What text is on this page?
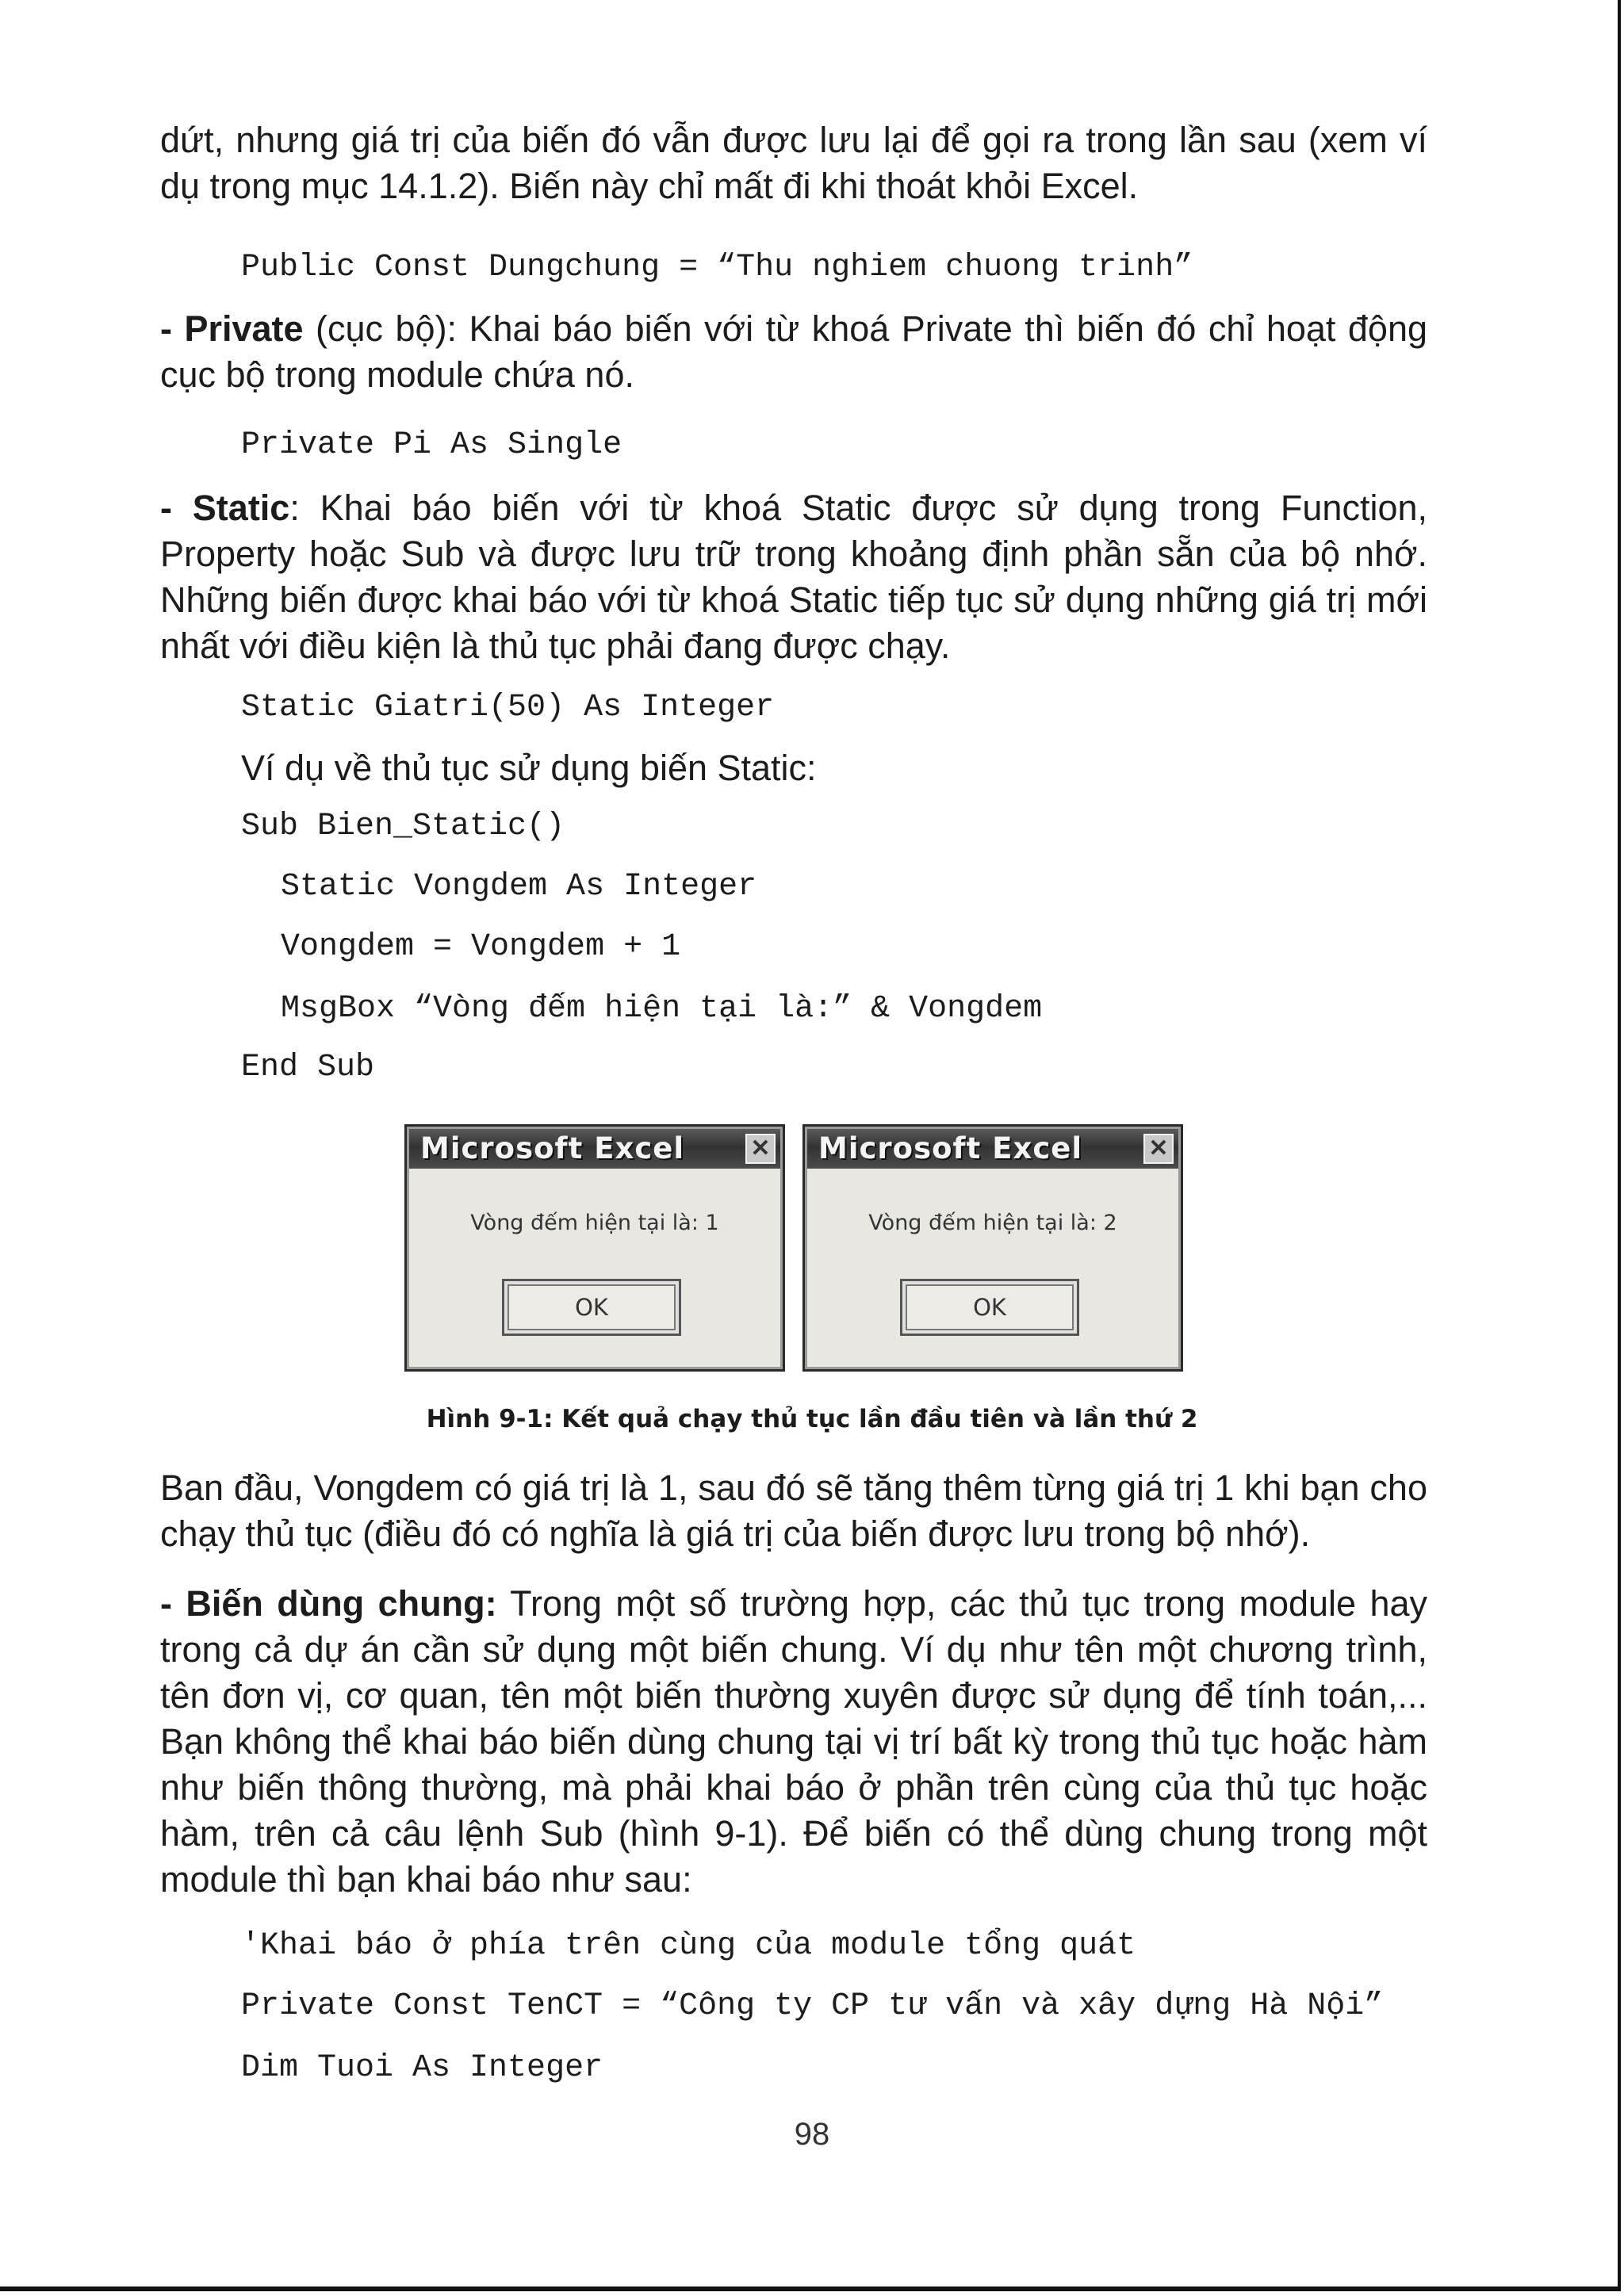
dứt, nhưng giá trị của biến đó vẫn được lưu lại để gọi ra trong lần sau (xem ví dụ trong mục 14.1.2). Biến này chỉ mất đi khi thoát khỏi Excel.

Public Const Dungchung = “Thu nghiem chuong trinh”

- Private (cục bộ): Khai báo biến với từ khoá Private thì biến đó chỉ hoạt động cục bộ trong module chứa nó.

Private Pi As Single

- Static: Khai báo biến với từ khoá Static được sử dụng trong Function, Property hoặc Sub và được lưu trữ trong khoảng định phần sẵn của bộ nhớ. Những biến được khai báo với từ khoá Static tiếp tục sử dụng những giá trị mới nhất với điều kiện là thủ tục phải đang được chạy.

Static Giatri(50) As Integer

Ví dụ về thủ tục sử dụng biến Static:

Sub Bien_Static()

Static Vongdem As Integer

Vongdem = Vongdem + 1

MsgBox “Vòng đếm hiện tại là:” & Vongdem

End Sub

Microsoft Excel	✕
Vòng đếm hiện tại là: 1
OK
Microsoft Excel	✕
Vòng đếm hiện tại là: 2
OK

Hình 9-1: Kết quả chạy thủ tục lần đầu tiên và lần thứ 2

Ban đầu, Vongdem có giá trị là 1, sau đó sẽ tăng thêm từng giá trị 1 khi bạn cho chạy thủ tục (điều đó có nghĩa là giá trị của biến được lưu trong bộ nhớ).

- Biến dùng chung: Trong một số trường hợp, các thủ tục trong module hay trong cả dự án cần sử dụng một biến chung. Ví dụ như tên một chương trình, tên đơn vị, cơ quan, tên một biến thường xuyên được sử dụng để tính toán,... Bạn không thể khai báo biến dùng chung tại vị trí bất kỳ trong thủ tục hoặc hàm như biến thông thường, mà phải khai báo ở phần trên cùng của thủ tục hoặc hàm, trên cả câu lệnh Sub (hình 9-1). Để biến có thể dùng chung trong một module thì bạn khai báo như sau:

'Khai báo ở phía trên cùng của module tổng quát

Private Const TenCT = “Công ty CP tư vấn và xây dựng Hà Nội”

Dim Tuoi As Integer

98
